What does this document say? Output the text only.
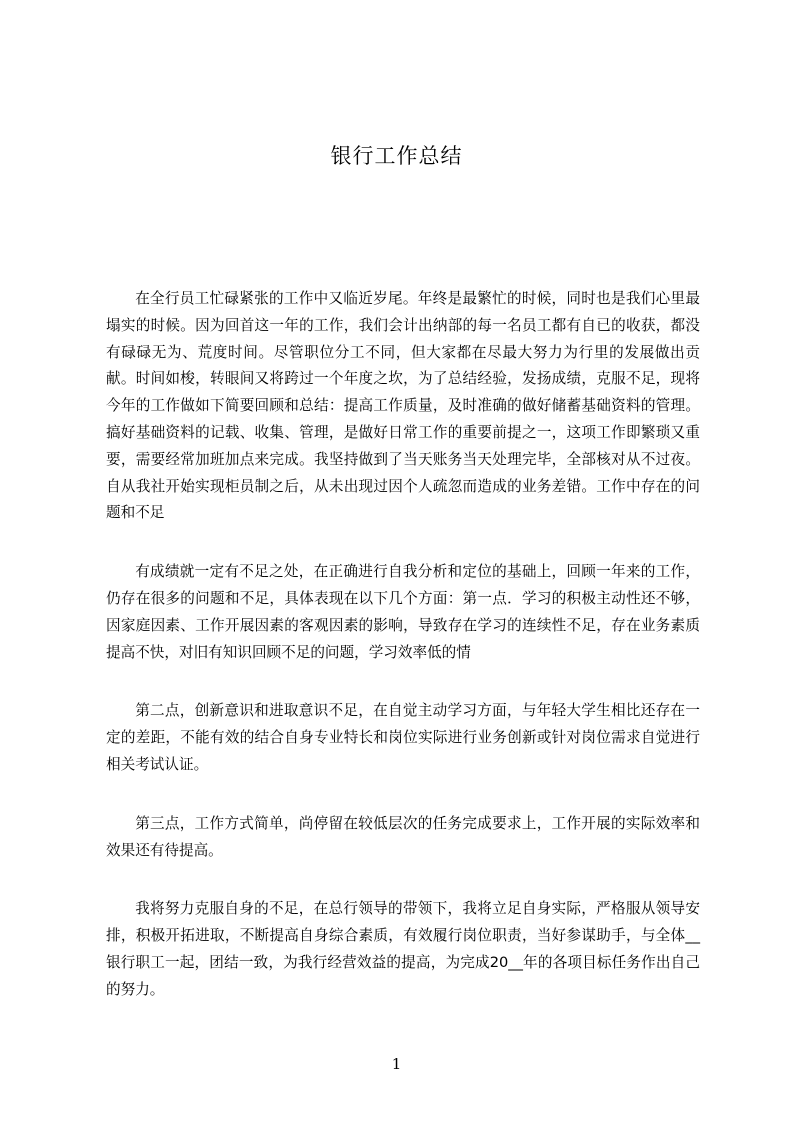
银行工作总结

在全行员工忙碌紧张的工作中又临近岁尾。年终是最繁忙的时候，同时也是我们心里最塌实的时候。因为回首这一年的工作，我们会计出纳部的每一名员工都有自已的收获，都没有碌碌无为、荒度时间。尽管职位分工不同，但大家都在尽最大努力为行里的发展做出贡献。时间如梭，转眼间又将跨过一个年度之坎，为了总结经验，发扬成绩，克服不足，现将今年的工作做如下简要回顾和总结：提高工作质量，及时准确的做好储蓄基础资料的管理。搞好基础资料的记载、收集、管理，是做好日常工作的重要前提之一，这项工作即繁琐又重要，需要经常加班加点来完成。我坚持做到了当天账务当天处理完毕，全部核对从不过夜。自从我社开始实现柜员制之后，从未出现过因个人疏忽而造成的业务差错。工作中存在的问题和不足

有成绩就一定有不足之处，在正确进行自我分析和定位的基础上，回顾一年来的工作，仍存在很多的问题和不足，具体表现在以下几个方面：第一点．学习的积极主动性还不够，因家庭因素、工作开展因素的客观因素的影响，导致存在学习的连续性不足，存在业务素质提高不快，对旧有知识回顾不足的问题，学习效率低的情

第二点，创新意识和进取意识不足，在自觉主动学习方面，与年轻大学生相比还存在一定的差距，不能有效的结合自身专业特长和岗位实际进行业务创新或针对岗位需求自觉进行相关考试认证。

第三点，工作方式简单，尚停留在较低层次的任务完成要求上，工作开展的实际效率和效果还有待提高。

我将努力克服自身的不足，在总行领导的带领下，我将立足自身实际，严格服从领导安排，积极开拓进取，不断提高自身综合素质，有效履行岗位职责，当好参谋助手，与全体__银行职工一起，团结一致，为我行经营效益的提高，为完成20__年的各项目标任务作出自己的努力。

1
